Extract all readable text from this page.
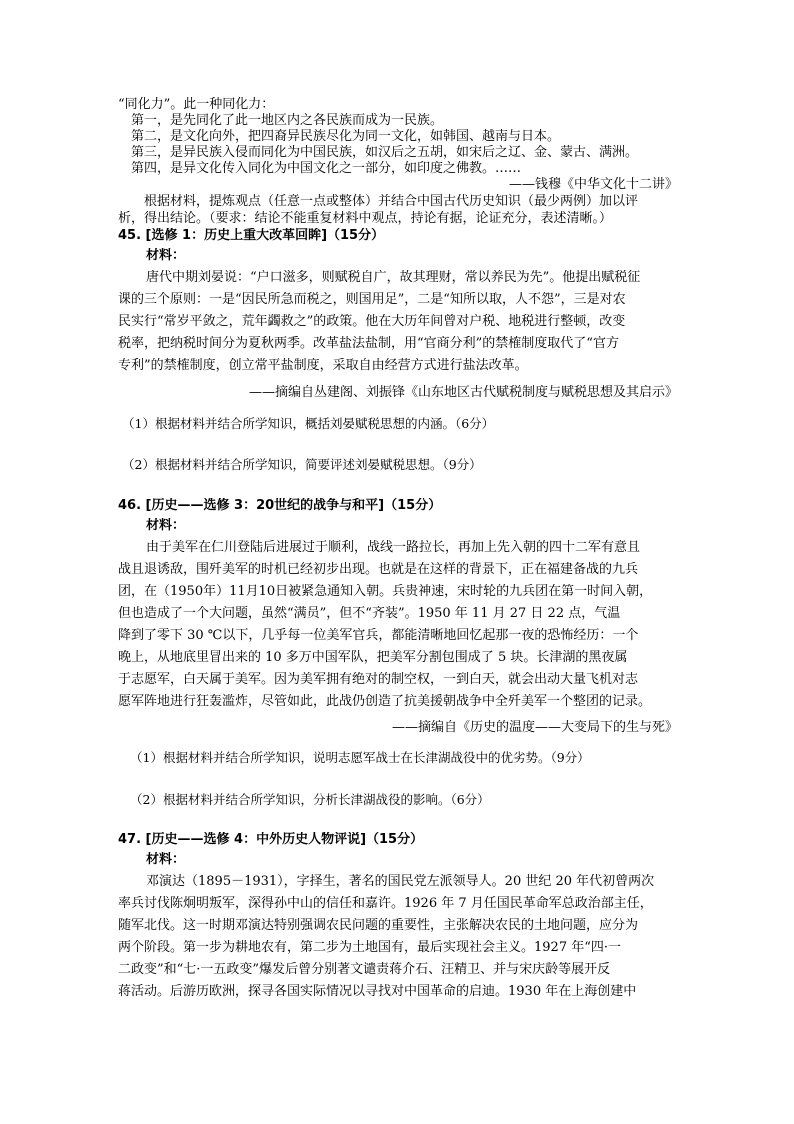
“同化力”。此一种同化力：
　第一，是先同化了此一地区内之各民族而成为一民族。
　第二，是文化向外，把四裔异民族尽化为同一文化，如韩国、越南与日本。
　第三，是异民族入侵而同化为中国民族，如汉后之五胡，如宋后之辽、金、蒙古、满洲。
　第四，是异文化传入同化为中国文化之一部分，如印度之佛教。……
——钱穆《中华文化十二讲》
　　根据材料，提炼观点（任意一点或整体）并结合中国古代历史知识（最少两例）加以评
析，得出结论。（要求：结论不能重复材料中观点，持论有据，论证充分，表述清晰。）
45. [选修 1：历史上重大改革回眸]（15分）
材料：
唐代中期刘晏说：“户口滋多，则赋税自广，故其理财，常以养民为先”。他提出赋税征
课的三个原则：一是“因民所急而税之，则国用足”，二是“知所以取，人不怨”，三是对农
民实行“常岁平敛之，荒年蠲救之”的政策。他在大历年间曾对户税、地税进行整顿，改变
税率，把纳税时间分为夏秋两季。改革盐法盐制，用“官商分利”的禁榷制度取代了“官方
专利”的禁榷制度，创立常平盐制度，采取自由经营方式进行盐法改革。
——摘编自丛建阁、刘振锋《山东地区古代赋税制度与赋税思想及其启示》
（1）根据材料并结合所学知识，概括刘晏赋税思想的内涵。（6分）
（2）根据材料并结合所学知识，简要评述刘晏赋税思想。（9分）
46. [历史——选修 3：20世纪的战争与和平]（15分）
材料：
由于美军在仁川登陆后进展过于顺利，战线一路拉长，再加上先入朝的四十二军有意且
战且退诱敌，围歼美军的时机已经初步出现。也就是在这样的背景下，正在福建备战的九兵
团，在（1950年）11月10日被紧急通知入朝。兵贵神速，宋时轮的九兵团在第一时间入朝，
但也造成了一个大问题，虽然“满员”，但不“齐装”。1950 年 11 月 27 日 22 点，气温
降到了零下 30 ℃以下，几乎每一位美军官兵，都能清晰地回忆起那一夜的恐怖经历：一个
晚上，从地底里冒出来的 10 多万中国军队，把美军分割包围成了 5 块。长津湖的黑夜属
于志愿军，白天属于美军。因为美军拥有绝对的制空权，一到白天，就会出动大量飞机对志
愿军阵地进行狂轰滥炸，尽管如此，此战仍创造了抗美援朝战争中全歼美军一个整团的记录。
——摘编自《历史的温度——大变局下的生与死》
（1）根据材料并结合所学知识，说明志愿军战士在长津湖战役中的优劣势。（9分）
（2）根据材料并结合所学知识，分析长津湖战役的影响。（6分）
47. [历史——选修 4：中外历史人物评说]（15分）
材料：
邓演达（1895－1931），字择生，著名的国民党左派领导人。20 世纪 20 年代初曾两次
率兵讨伐陈炯明叛军，深得孙中山的信任和嘉许。1926 年 7 月任国民革命军总政治部主任，
随军北伐。这一时期邓演达特别强调农民问题的重要性，主张解决农民的土地问题，应分为
两个阶段。第一步为耕地农有，第二步为土地国有，最后实现社会主义。1927 年“四·一
二政变”和“七·一五政变”爆发后曾分别著文谴责蒋介石、汪精卫、并与宋庆龄等展开反
蒋活动。后游历欧洲，探寻各国实际情况以寻找对中国革命的启迪。1930 年在上海创建中
